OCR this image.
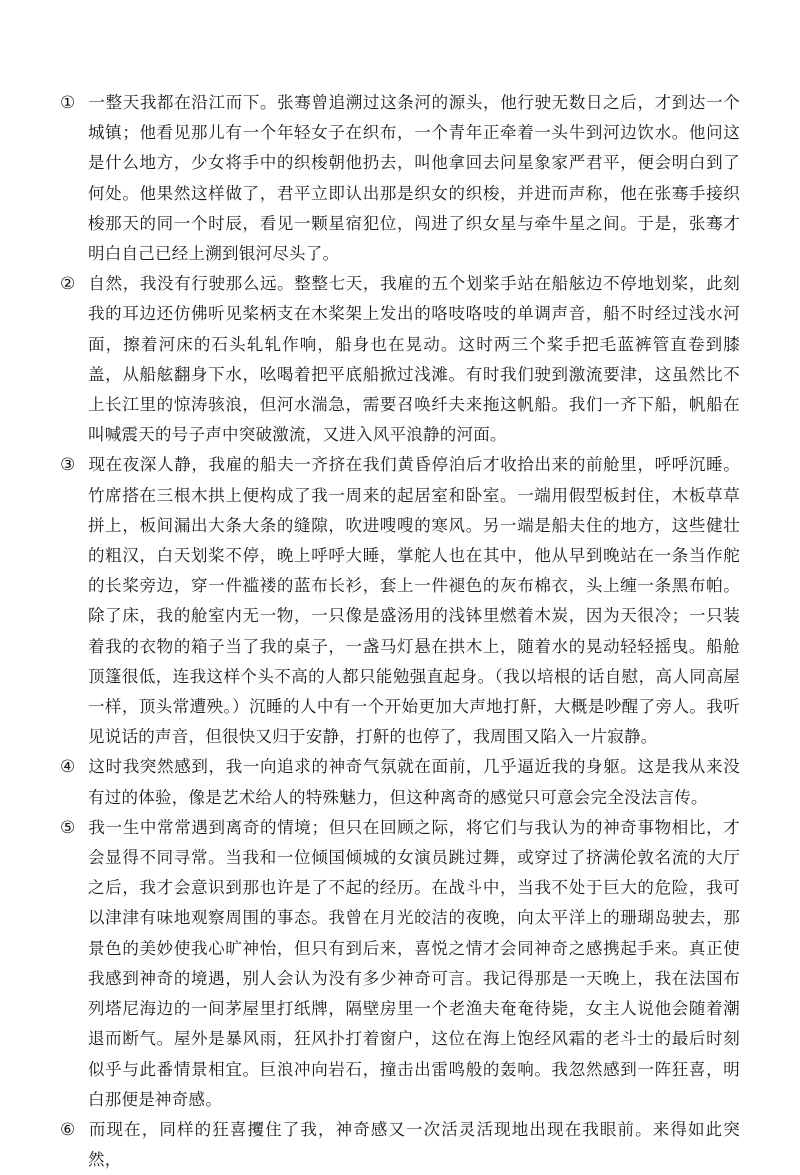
① 一整天我都在沿江而下。张骞曾追溯过这条河的源头，他行驶无数日之后，才到达一个城镇；他看见那儿有一个年轻女子在织布，一个青年正牵着一头牛到河边饮水。他问这是什么地方，少女将手中的织梭朝他扔去，叫他拿回去问星象家严君平，便会明白到了何处。他果然这样做了，君平立即认出那是织女的织梭，并进而声称，他在张骞手接织梭那天的同一个时辰，看见一颗星宿犯位，闯进了织女星与牵牛星之间。于是，张骞才明白自己已经上溯到银河尽头了。

② 自然，我没有行驶那么远。整整七天，我雇的五个划桨手站在船舷边不停地划桨，此刻我的耳边还仿佛听见桨柄支在木桨架上发出的咯吱咯吱的单调声音，船不时经过浅水河面，擦着河床的石头轧轧作响，船身也在晃动。这时两三个桨手把毛蓝裤管直卷到膝盖，从船舷翻身下水，吆喝着把平底船掀过浅滩。有时我们驶到激流要津，这虽然比不上长江里的惊涛骇浪，但河水湍急，需要召唤纤夫来拖这帆船。我们一齐下船，帆船在叫喊震天的号子声中突破激流，又进入风平浪静的河面。

③ 现在夜深人静，我雇的船夫一齐挤在我们黄昏停泊后才收拾出来的前舱里，呼呼沉睡。竹席搭在三根木拱上便构成了我一周来的起居室和卧室。一端用假型板封住，木板草草拼上，板间漏出大条大条的缝隙，吹进嗖嗖的寒风。另一端是船夫住的地方，这些健壮的粗汉，白天划桨不停，晚上呼呼大睡，掌舵人也在其中，他从早到晚站在一条当作舵的长桨旁边，穿一件褴褛的蓝布长衫，套上一件褪色的灰布棉衣，头上缠一条黑布帕。除了床，我的舱室内无一物，一只像是盛汤用的浅钵里燃着木炭，因为天很冷；一只装着我的衣物的箱子当了我的桌子，一盏马灯悬在拱木上，随着水的晃动轻轻摇曳。船舱顶篷很低，连我这样个头不高的人都只能勉强直起身。（我以培根的话自慰，高人同高屋一样，顶头常遭殃。）沉睡的人中有一个开始更加大声地打鼾，大概是吵醒了旁人。我听见说话的声音，但很快又归于安静，打鼾的也停了，我周围又陷入一片寂静。

④ 这时我突然感到，我一向追求的神奇气氛就在面前，几乎逼近我的身躯。这是我从来没有过的体验，像是艺术给人的特殊魅力，但这种离奇的感觉只可意会完全没法言传。

⑤ 我一生中常常遇到离奇的情境；但只在回顾之际，将它们与我认为的神奇事物相比，才会显得不同寻常。当我和一位倾国倾城的女演员跳过舞，或穿过了挤满伦敦名流的大厅之后，我才会意识到那也许是了不起的经历。在战斗中，当我不处于巨大的危险，我可以津津有味地观察周围的事态。我曾在月光皎洁的夜晚，向太平洋上的珊瑚岛驶去，那景色的美妙使我心旷神怡，但只有到后来，喜悦之情才会同神奇之感携起手来。真正使我感到神奇的境遇，别人会认为没有多少神奇可言。我记得那是一天晚上，我在法国布列塔尼海边的一间茅屋里打纸牌，隔壁房里一个老渔夫奄奄待毙，女主人说他会随着潮退而断气。屋外是暴风雨，狂风扑打着窗户，这位在海上饱经风霜的老斗士的最后时刻似乎与此番情景相宜。巨浪冲向岩石，撞击出雷鸣般的轰响。我忽然感到一阵狂喜，明白那便是神奇感。

⑥ 而现在，同样的狂喜攫住了我，神奇感又一次活灵活现地出现在我眼前。来得如此突然，
